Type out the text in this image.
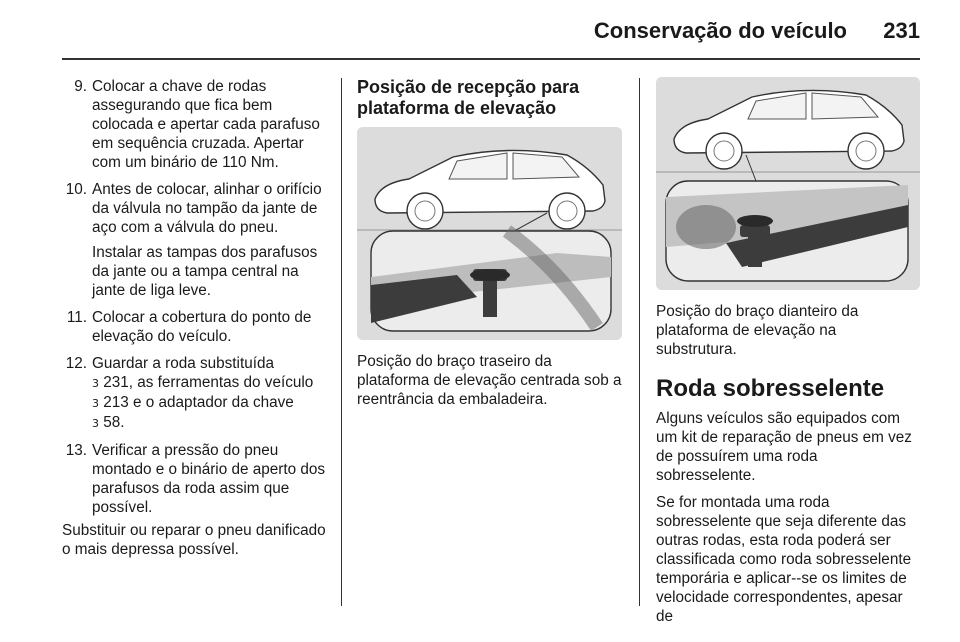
Conservação do veículo 231
9. Colocar a chave de rodas assegurando que fica bem colocada e apertar cada parafuso em sequência cruzada. Apertar com um binário de 110 Nm.
10. Antes de colocar, alinhar o orifício da válvula no tampão da jante de aço com a válvula do pneu.
Instalar as tampas dos parafusos da jante ou a tampa central na jante de liga leve.
11. Colocar a cobertura do ponto de elevação do veículo.
12. Guardar a roda substituída
3 231, as ferramentas do veículo
3 213 e o adaptador da chave
3 58.
13. Verificar a pressão do pneu montado e o binário de aperto dos parafusos da roda assim que possível.

Substituir ou reparar o pneu danificado o mais depressa possível.

Posição de recepção para plataforma de elevação
Posição do braço traseiro da plataforma de elevação centrada sob a reentrância da embaladeira.
Posição do braço dianteiro da plataforma de elevação na substrutura.
Roda sobresselente

Alguns veículos são equipados com um kit de reparação de pneus em vez de possuírem uma roda sobresselente.

Se for montada uma roda sobresselente que seja diferente das outras rodas, esta roda poderá ser classificada como roda sobresselente temporária e aplicar--se os limites de velocidade correspondentes, apesar de
